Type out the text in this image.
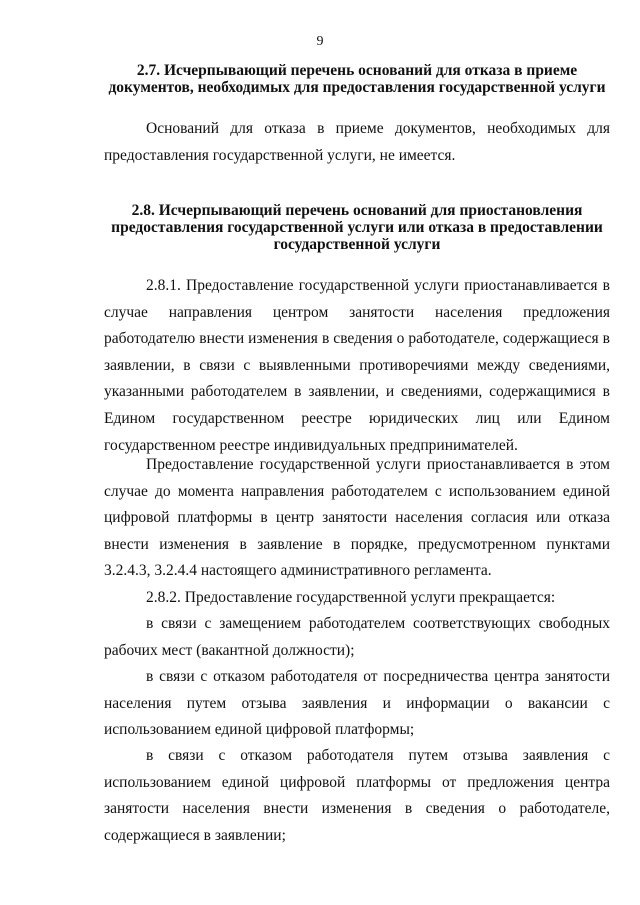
9
2.7. Исчерпывающий перечень оснований для отказа в приеме документов, необходимых для предоставления государственной услуги

Оснований для отказа в приеме документов, необходимых для предоставления государственной услуги, не имеется.

2.8. Исчерпывающий перечень оснований для приостановления предоставления государственной услуги или отказа в предоставлении государственной услуги

2.8.1. Предоставление государственной услуги приостанавливается в случае направления центром занятости населения предложения работодателю внести изменения в сведения о работодателе, содержащиеся в заявлении, в связи с выявленными противоречиями между сведениями, указанными работодателем в заявлении, и сведениями, содержащимися в Едином государственном реестре юридических лиц или Едином государственном реестре индивидуальных предпринимателей.

Предоставление государственной услуги приостанавливается в этом случае до момента направления работодателем с использованием единой цифровой платформы в центр занятости населения согласия или отказа внести изменения в заявление в порядке, предусмотренном пунктами 3.2.4.3, 3.2.4.4 настоящего административного регламента.

2.8.2. Предоставление государственной услуги прекращается:

в связи с замещением работодателем соответствующих свободных рабочих мест (вакантной должности);

в связи с отказом работодателя от посредничества центра занятости населения путем отзыва заявления и информации о вакансии с использованием единой цифровой платформы;

в связи с отказом работодателя путем отзыва заявления с использованием единой цифровой платформы от предложения центра занятости населения внести изменения в сведения о работодателе, содержащиеся в заявлении;
